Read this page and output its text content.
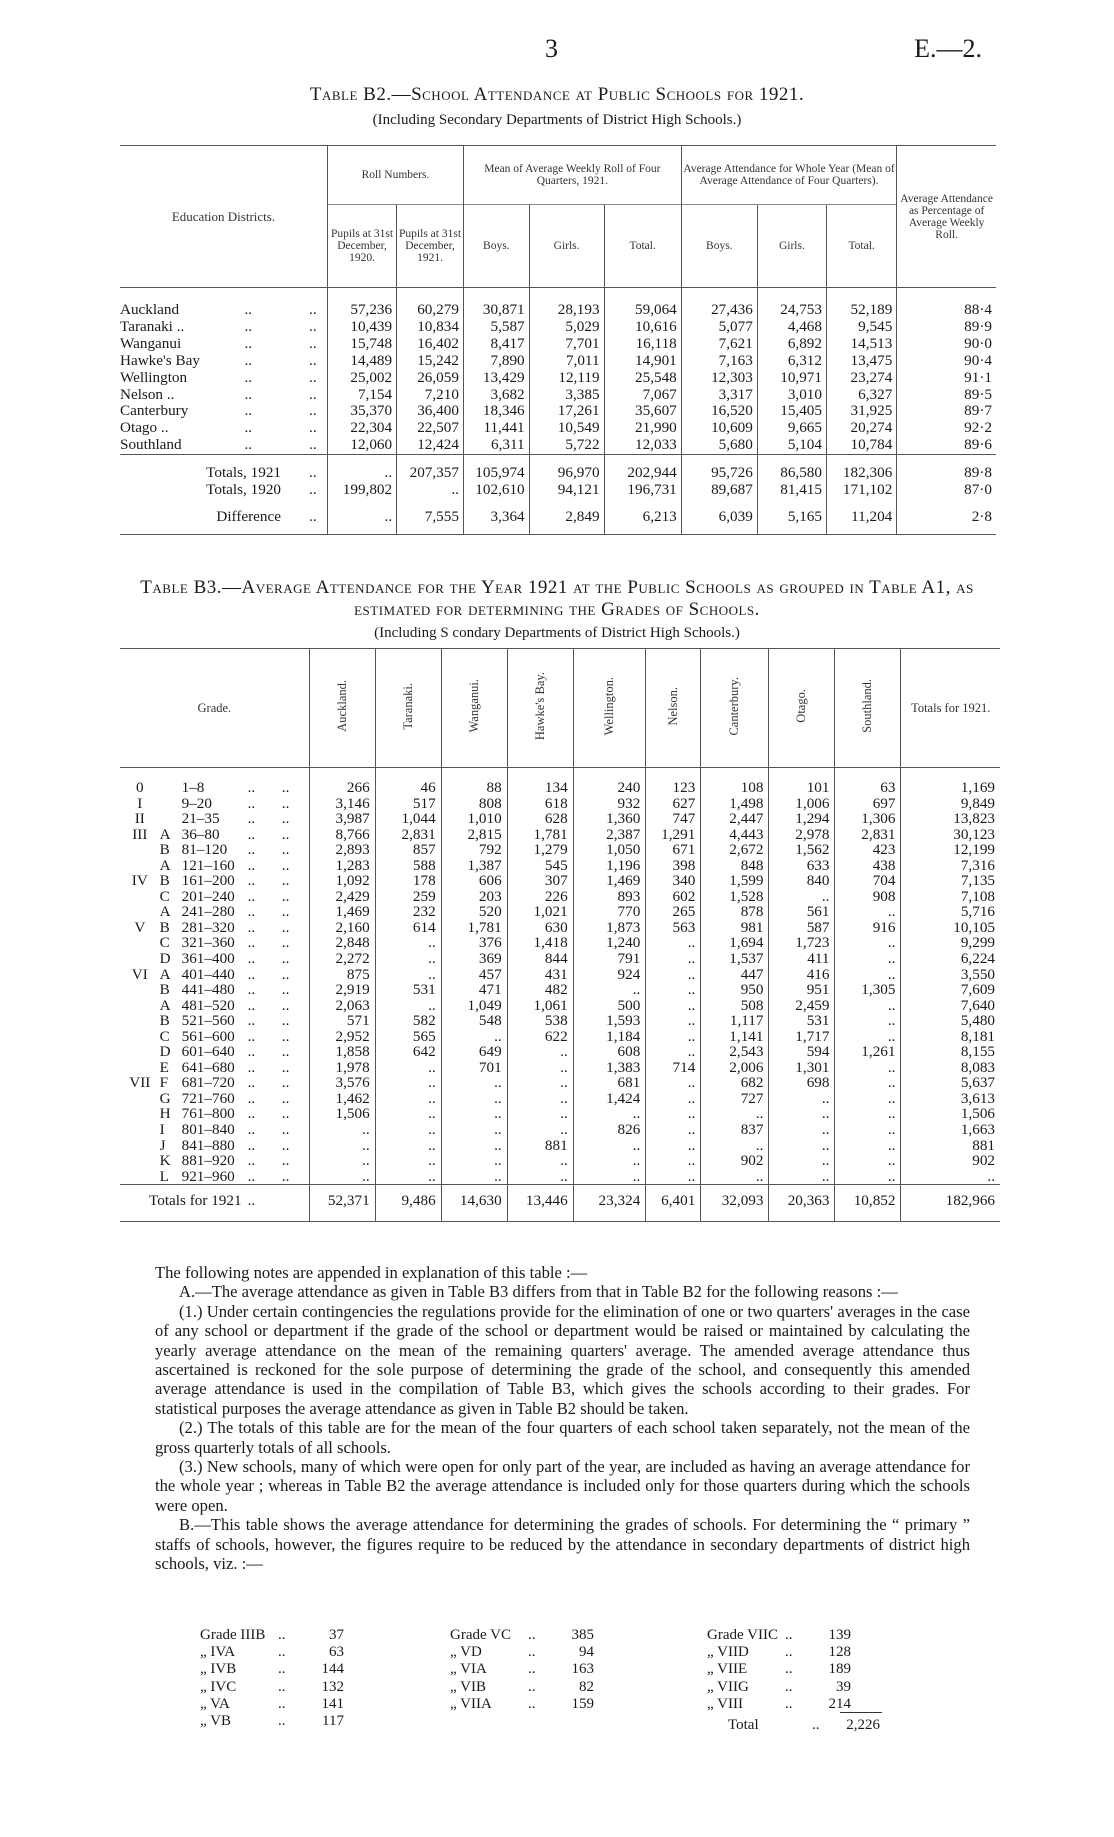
3	E.—2.
Table B2.—School Attendance at Public Schools for 1921.
(Including Secondary Departments of District High Schools.)
Education Districts.			Roll Numbers.		Mean of Average Weekly Roll of Four Quarters, 1921.			Average Attendance for Whole Year (Mean of Average Attendance of Four Quarters).			Average Attendance as Percentage of Average Weekly Roll.
			Pupils at 31st December, 1920.	Pupils at 31st December, 1921.	Boys.	Girls.	Total.	Boys.	Girls.	Total.	
Auckland	..	..	57,236	60,279	30,871	28,193	59,064	27,436	24,753	52,189	88·4
Taranaki ..	..	..	10,439	10,834	5,587	5,029	10,616	5,077	4,468	9,545	89·9
Wanganui	..	..	15,748	16,402	8,417	7,701	16,118	7,621	6,892	14,513	90·0
Hawke's Bay	..	..	14,489	15,242	7,890	7,011	14,901	7,163	6,312	13,475	90·4
Wellington	..	..	25,002	26,059	13,429	12,119	25,548	12,303	10,971	23,274	91·1
Nelson ..	..	..	7,154	7,210	3,682	3,385	7,067	3,317	3,010	6,327	89·5
Canterbury	..	..	35,370	36,400	18,346	17,261	35,607	16,520	15,405	31,925	89·7
Otago ..	..	..	22,304	22,507	11,441	10,549	21,990	10,609	9,665	20,274	92·2
Southland	..	..	12,060	12,424	6,311	5,722	12,033	5,680	5,104	10,784	89·6
Totals, 1921		..	..	207,357	105,974	96,970	202,944	95,726	86,580	182,306	89·8
Totals, 1920		..	199,802	..	102,610	94,121	196,731	89,687	81,415	171,102	87·0
Difference		..	..	7,555	3,364	2,849	6,213	6,039	5,165	11,204	2·8
Table B3.—Average Attendance for the Year 1921 at the Public Schools as grouped in Table A1, as estimated for determining the Grades of Schools.
(Including S condary Departments of District High Schools.)
Grade.				Auckland.	Taranaki.	Wanganui.	Hawke's Bay.	Wellington.	Nelson.	Canterbury.	Otago.	Southland.	Totals for 1921.
0		1–8	..       ..	266	46	88	134	240	123	108	101	63	1,169
I		9–20	..       ..	3,146	517	808	618	932	627	1,498	1,006	697	9,849
II		21–35	..       ..	3,987	1,044	1,010	628	1,360	747	2,447	1,294	1,306	13,823
III	A	36–80	..       ..	8,766	2,831	2,815	1,781	2,387	1,291	4,443	2,978	2,831	30,123
	B	81–120	..       ..	2,893	857	792	1,279	1,050	671	2,672	1,562	423	12,199
	A	121–160	..       ..	1,283	588	1,387	545	1,196	398	848	633	438	7,316
IV	B	161–200	..       ..	1,092	178	606	307	1,469	340	1,599	840	704	7,135
	C	201–240	..       ..	2,429	259	203	226	893	602	1,528	..	908	7,108
	A	241–280	..       ..	1,469	232	520	1,021	770	265	878	561	..	5,716
V	B	281–320	..       ..	2,160	614	1,781	630	1,873	563	981	587	916	10,105
	C	321–360	..       ..	2,848	..	376	1,418	1,240	..	1,694	1,723	..	9,299
	D	361–400	..       ..	2,272	..	369	844	791	..	1,537	411	..	6,224
VI	A	401–440	..       ..	875	..	457	431	924	..	447	416	..	3,550
	B	441–480	..       ..	2,919	531	471	482	..	..	950	951	1,305	7,609
	A	481–520	..       ..	2,063	..	1,049	1,061	500	..	508	2,459	..	7,640
	B	521–560	..       ..	571	582	548	538	1,593	..	1,117	531	..	5,480
	C	561–600	..       ..	2,952	565	..	622	1,184	..	1,141	1,717	..	8,181
	D	601–640	..       ..	1,858	642	649	..	608	..	2,543	594	1,261	8,155
	E	641–680	..       ..	1,978	..	701	..	1,383	714	2,006	1,301	..	8,083
VII	F	681–720	..       ..	3,576	..	..	..	681	..	682	698	..	5,637
	G	721–760	..       ..	1,462	..	..	..	1,424	..	727	..	..	3,613
	H	761–800	..       ..	1,506	..	..	..	..	..	..	..	..	1,506
	I	801–840	..       ..	..	..	..	..	826	..	837	..	..	1,663
	J	841–880	..       ..	..	..	..	881	..	..	..	..	..	881
	K	881–920	..       ..	..	..	..	..	..	..	902	..	..	902
	L	921–960	..       ..	..	..	..	..	..	..	..	..	..	..
Totals for 1921			..	52,371	9,486	14,630	13,446	23,324	6,401	32,093	20,363	10,852	182,966

The following notes are appended in explanation of this table :—

A.—The average attendance as given in Table B3 differs from that in Table B2 for the following reasons :—

(1.) Under certain contingencies the regulations provide for the elimination of one or two quarters' averages in the case of any school or department if the grade of the school or department would be raised or maintained by calculating the yearly average attendance on the mean of the remaining quarters' average. The amended average attendance thus ascertained is reckoned for the sole purpose of determining the grade of the school, and consequently this amended average attendance is used in the compilation of Table B3, which gives the schools according to their grades. For statistical purposes the average attendance as given in Table B2 should be taken.

(2.) The totals of this table are for the mean of the four quarters of each school taken separately, not the mean of the gross quarterly totals of all schools.

(3.) New schools, many of which were open for only part of the year, are included as having an average attendance for the whole year ; whereas in Table B2 the average attendance is included only for those quarters during which the schools were open.

B.—This table shows the average attendance for determining the grades of schools. For determining the “ primary ” staffs of schools, however, the figures require to be reduced by the attendance in secondary departments of district high schools, viz. :—

Grade IIIB ..	37
„ IVA	..	63
„ IVB	.. 144
„ IVC	.. 132
„ VA	.. 141
„ VB	.. 117
Grade VC .. 385
„ VD	..	94
„ VIA	.. 163
„ VIB	..	82
„ VIIA .. 159
Grade VIIC .. 139
„ VIID .. 128
„ VIIE	.. 189
„ VIIG ..	39
„ VIII	.. 214
Total	.. 2,226
